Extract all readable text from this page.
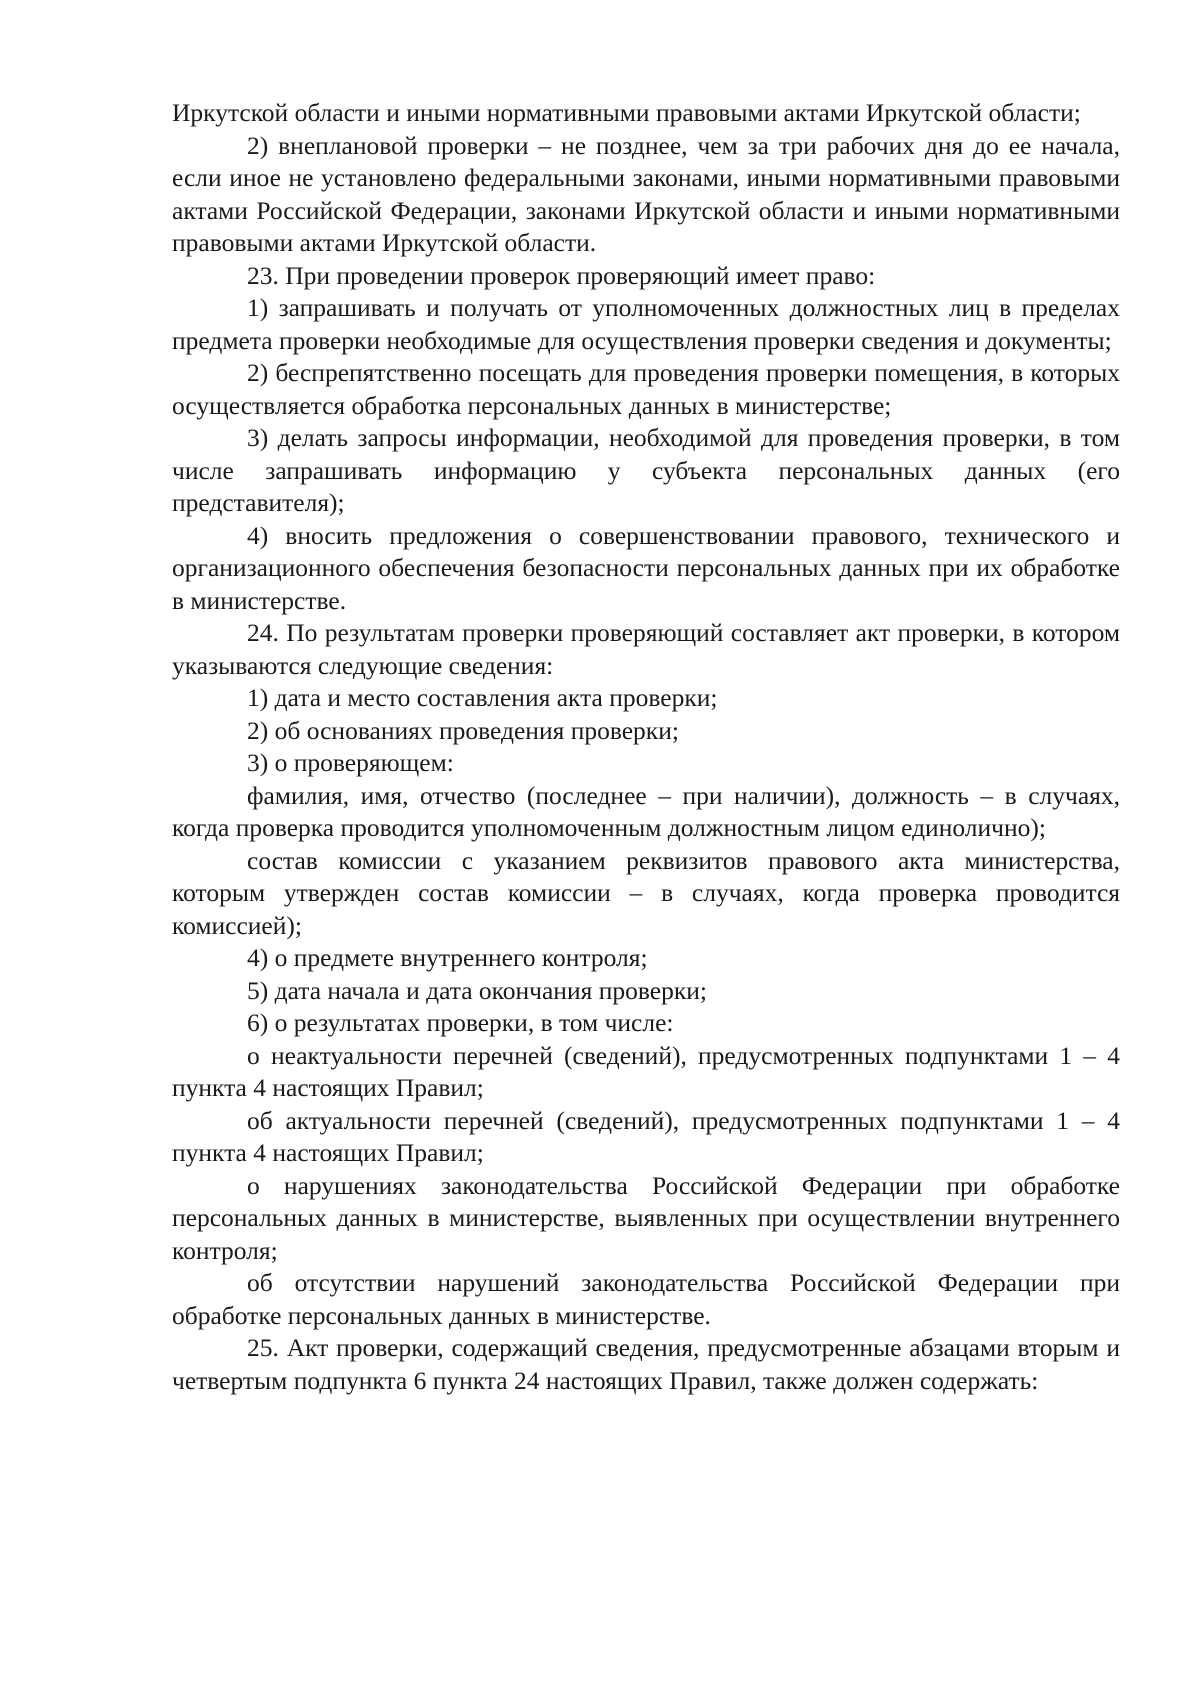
Иркутской области и иными нормативными правовыми актами Иркутской области;

2) внеплановой проверки – не позднее, чем за три рабочих дня до ее начала, если иное не установлено федеральными законами, иными нормативными правовыми актами Российской Федерации, законами Иркутской области и иными нормативными правовыми актами Иркутской области.

23. При проведении проверок проверяющий имеет право:

1) запрашивать и получать от уполномоченных должностных лиц в пределах предмета проверки необходимые для осуществления проверки сведения и документы;

2) беспрепятственно посещать для проведения проверки помещения, в которых осуществляется обработка персональных данных в министерстве;

3) делать запросы информации, необходимой для проведения проверки, в том числе запрашивать информацию у субъекта персональных данных (его представителя);

4) вносить предложения о совершенствовании правового, технического и организационного обеспечения безопасности персональных данных при их обработке в министерстве.

24. По результатам проверки проверяющий составляет акт проверки, в котором указываются следующие сведения:

1) дата и место составления акта проверки;

2) об основаниях проведения проверки;

3) о проверяющем:

фамилия, имя, отчество (последнее – при наличии), должность – в случаях, когда проверка проводится уполномоченным должностным лицом единолично);

состав комиссии с указанием реквизитов правового акта министерства, которым утвержден состав комиссии – в случаях, когда проверка проводится комиссией);

4) о предмете внутреннего контроля;

5) дата начала и дата окончания проверки;

6) о результатах проверки, в том числе:

о неактуальности перечней (сведений), предусмотренных подпунктами 1 – 4 пункта 4 настоящих Правил;

об актуальности перечней (сведений), предусмотренных подпунктами 1 – 4 пункта 4 настоящих Правил;

о нарушениях законодательства Российской Федерации при обработке персональных данных в министерстве, выявленных при осуществлении внутреннего контроля;

об отсутствии нарушений законодательства Российской Федерации при обработке персональных данных в министерстве.

25. Акт проверки, содержащий сведения, предусмотренные абзацами вторым и четвертым подпункта 6 пункта 24 настоящих Правил, также должен содержать:
